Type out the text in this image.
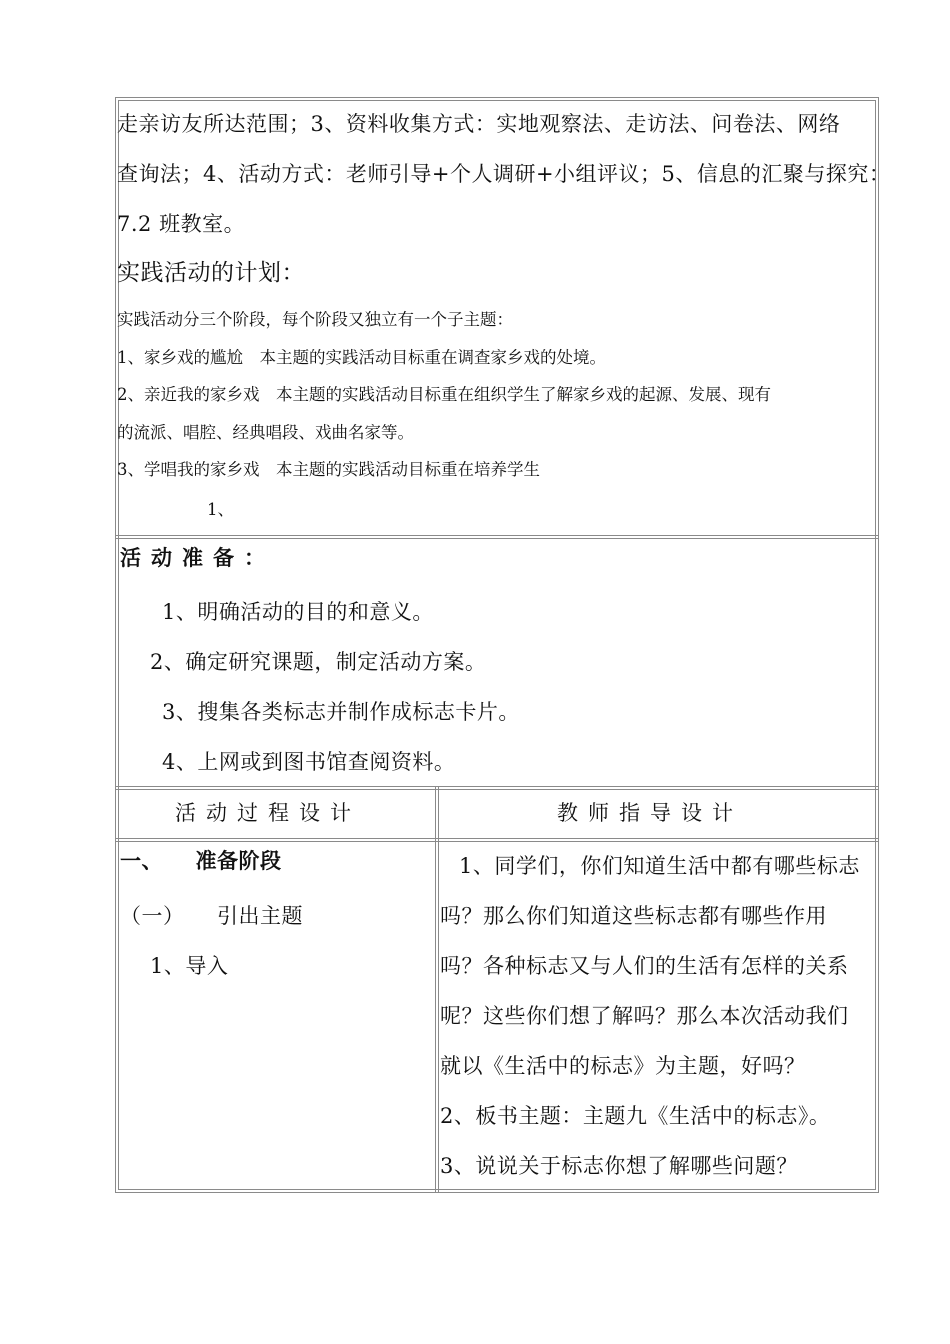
走亲访友所达范围；3、资料收集方式：实地观察法、走访法、问卷法、网络
查询法；4、活动方式：老师引导+个人调研+小组评议；5、信息的汇聚与探究：
7.2 班教室。
实践活动的计划：
实践活动分三个阶段，每个阶段又独立有一个子主题：
1、家乡戏的尴尬　本主题的实践活动目标重在调查家乡戏的处境。
2、亲近我的家乡戏　本主题的实践活动目标重在组织学生了解家乡戏的起源、发展、现有
的流派、唱腔、经典唱段、戏曲名家等。
3、学唱我的家乡戏　本主题的实践活动目标重在培养学生
1、
活动准备：
1、明确活动的目的和意义。
2、确定研究课题，制定活动方案。
3、搜集各类标志并制作成标志卡片。
4、上网或到图书馆查阅资料。
活动过程设计	教师指导设计
一、　　准备阶段
（一）　　引出主题
1、导入
1、同学们，你们知道生活中都有哪些标志
吗？那么你们知道这些标志都有哪些作用
吗？各种标志又与人们的生活有怎样的关系
呢？这些你们想了解吗？那么本次活动我们
就以《生活中的标志》为主题，好吗？
2、板书主题：主题九《生活中的标志》。
3、说说关于标志你想了解哪些问题？
